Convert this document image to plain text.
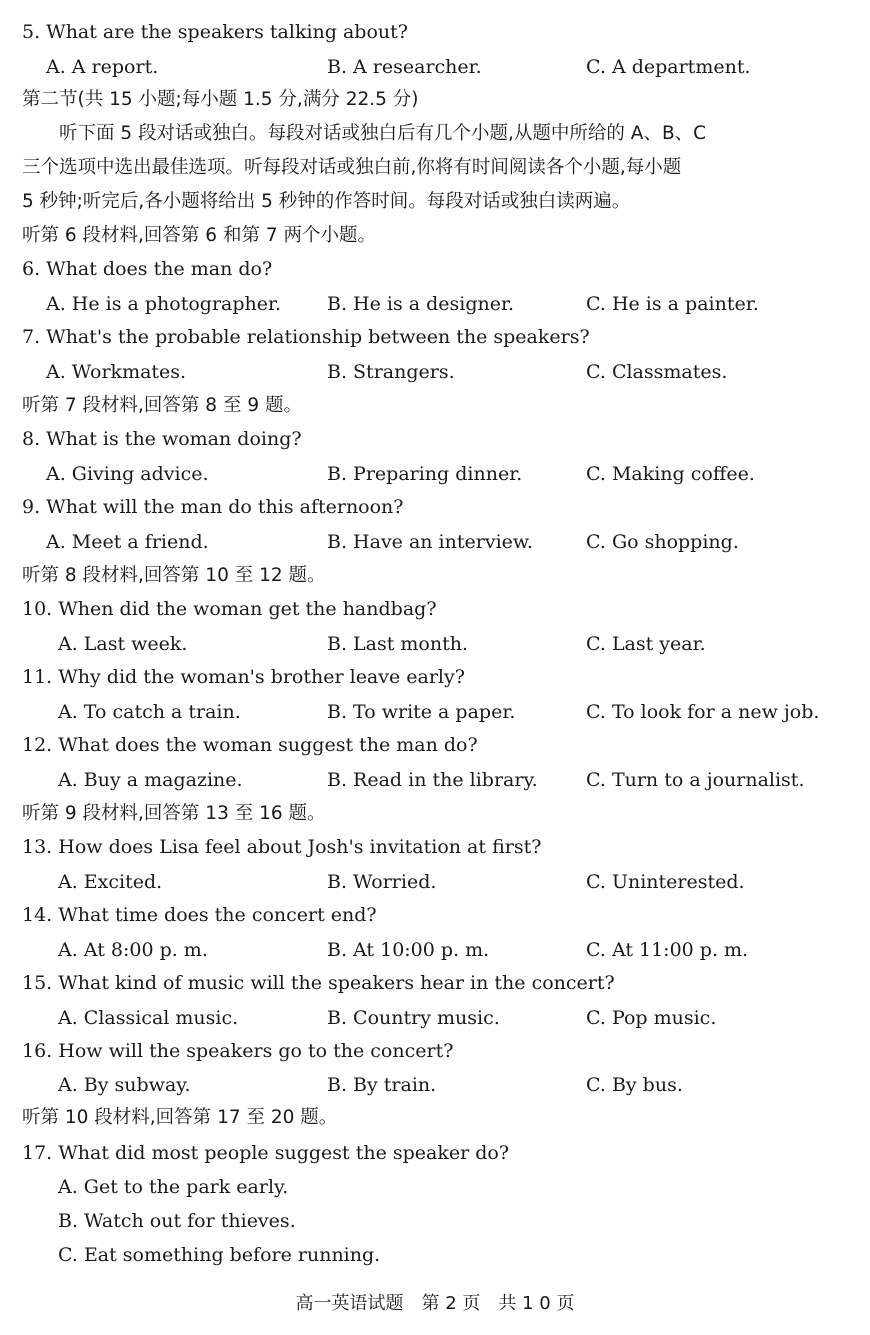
5. What are the speakers talking about?
A. A report.	B. A researcher.	C. A department.
第二节(共 15 小题;每小题 1.5 分,满分 22.5 分)
　　听下面 5 段对话或独白。每段对话或独白后有几个小题,从题中所给的 A、B、C
三个选项中选出最佳选项。听每段对话或独白前,你将有时间阅读各个小题,每小题
5 秒钟;听完后,各小题将给出 5 秒钟的作答时间。每段对话或独白读两遍。
听第 6 段材料,回答第 6 和第 7 两个小题。
6. What does the man do?
A. He is a photographer. B. He is a designer.	C. He is a painter.
7. What's the probable relationship between the speakers?
A. Workmates.	B. Strangers.	C. Classmates.
听第 7 段材料,回答第 8 至 9 题。
8. What is the woman doing?
A. Giving advice.	B. Preparing dinner.	C. Making coffee.
9. What will the man do this afternoon?
A. Meet a friend.	B. Have an interview.	C. Go shopping.
听第 8 段材料,回答第 10 至 12 题。
10. When did the woman get the handbag?
A. Last week.	B. Last month.	C. Last year.
11. Why did the woman's brother leave early?
A. To catch a train.	B. To write a paper.	C. To look for a new job.
12. What does the woman suggest the man do?
A. Buy a magazine.	B. Read in the library.	C. Turn to a journalist.
听第 9 段材料,回答第 13 至 16 题。
13. How does Lisa feel about Josh's invitation at first?
A. Excited.	B. Worried.	C. Uninterested.
14. What time does the concert end?
A. At 8:00 p. m.	B. At 10:00 p. m.	C. At 11:00 p. m.
15. What kind of music will the speakers hear in the concert?
A. Classical music.	B. Country music.	C. Pop music.
16. How will the speakers go to the concert?
A. By subway.	B. By train.	C. By bus.
听第 10 段材料,回答第 17 至 20 题。
17. What did most people suggest the speaker do?
A. Get to the park early.
B. Watch out for thieves.
C. Eat something before running.
高一英语试题　第 2 页　共 1 0 页
